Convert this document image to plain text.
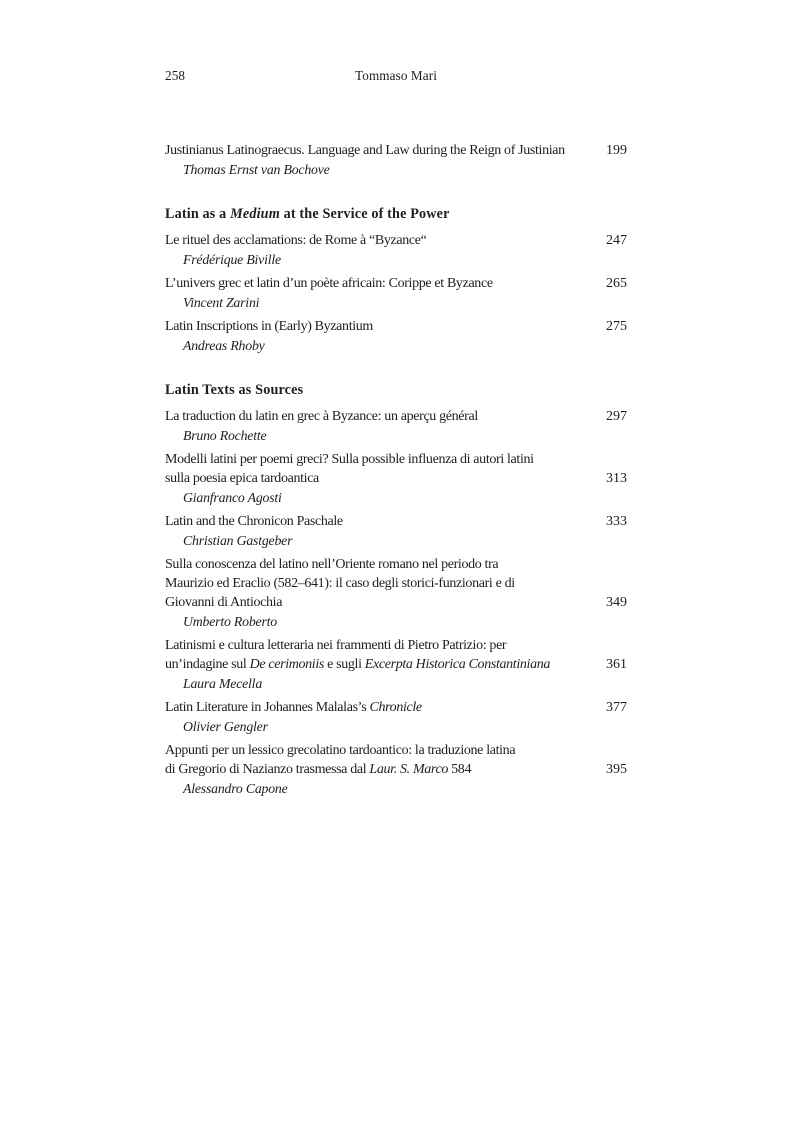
258	Tommaso Mari
Justinianus Latinograecus. Language and Law during the Reign of Justinian	199
Thomas Ernst van Bochove
Latin as a Medium at the Service of the Power
Le rituel des acclamations: de Rome à “Byzance“	247
Frédérique Biville
L’univers grec et latin d’un poète africain: Corippe et Byzance	265
Vincent Zarini
Latin Inscriptions in (Early) Byzantium	275
Andreas Rhoby
Latin Texts as Sources
La traduction du latin en grec à Byzance: un aperçu général	297
Bruno Rochette
Modelli latini per poemi greci? Sulla possible influenza di autori latini
sulla poesia epica tardoantica	313
Gianfranco Agosti
Latin and the Chronicon Paschale	333
Christian Gastgeber
Sulla conoscenza del latino nell’Oriente romano nel periodo tra
Maurizio ed Eraclio (582–641): il caso degli storici-funzionari e di
Giovanni di Antiochia	349
Umberto Roberto
Latinismi e cultura letteraria nei frammenti di Pietro Patrizio: per
un’indagine sul De cerimoniis e sugli Excerpta Historica Constantiniana	361
Laura Mecella
Latin Literature in Johannes Malalas’s Chronicle	377
Olivier Gengler
Appunti per un lessico grecolatino tardoantico: la traduzione latina
di Gregorio di Nazianzo trasmessa dal Laur. S. Marco 584	395
Alessandro Capone
